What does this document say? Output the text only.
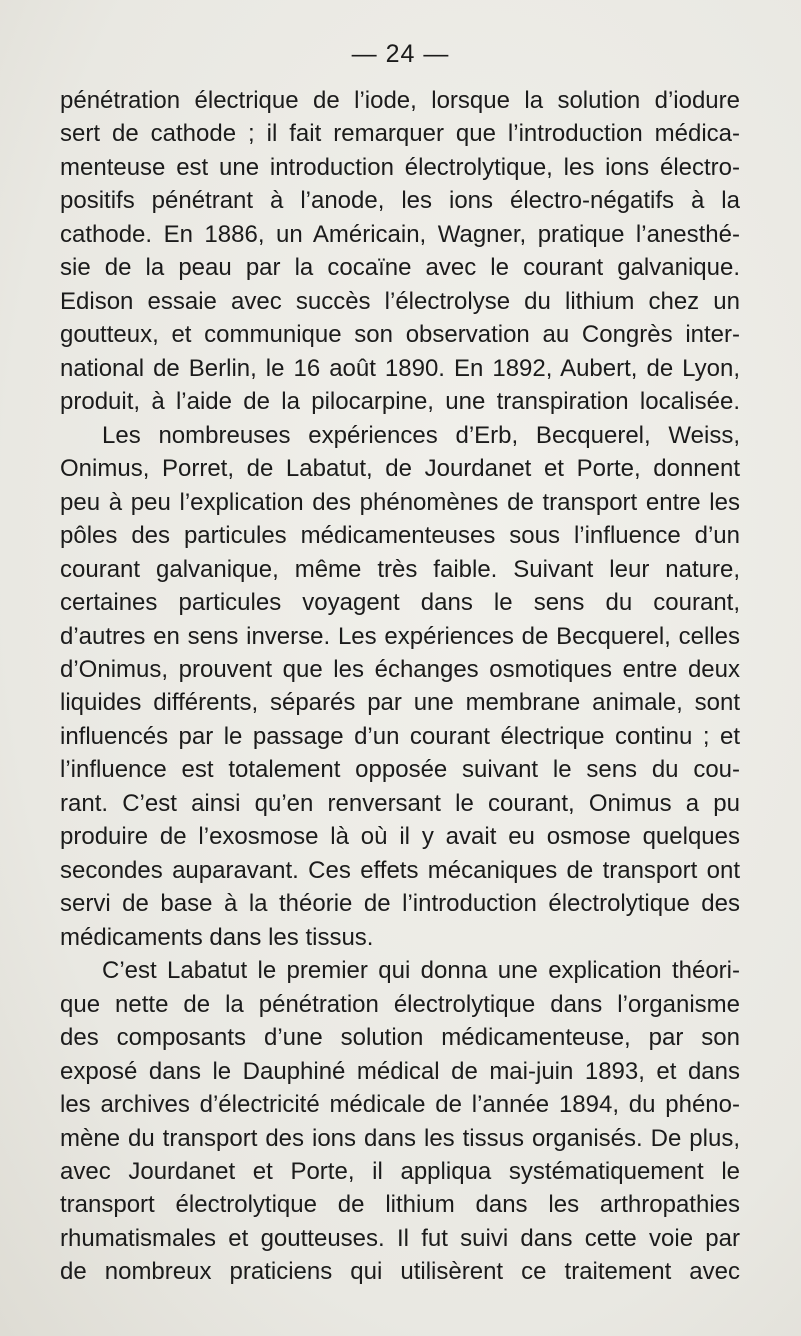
— 24 —
pénétration électrique de l’iode, lorsque la solution d’iodure
sert de cathode ; il fait remarquer que l’introduction médica-
menteuse est une introduction électrolytique, les ions électro-
positifs pénétrant à l’anode, les ions électro-négatifs à la
cathode. En 1886, un Américain, Wagner, pratique l’anesthé-
sie de la peau par la cocaïne avec le courant galvanique.
Edison essaie avec succès l’électrolyse du lithium chez un
goutteux, et communique son observation au Congrès inter-
national de Berlin, le 16 août 1890. En 1892, Aubert, de Lyon,
produit, à l’aide de la pilocarpine, une transpiration localisée.
Les nombreuses expériences d’Erb, Becquerel, Weiss,
Onimus, Porret, de Labatut, de Jourdanet et Porte, donnent
peu à peu l’explication des phénomènes de transport entre les
pôles des particules médicamenteuses sous l’influence d’un
courant galvanique, même très faible. Suivant leur nature,
certaines particules voyagent dans le sens du courant,
d’autres en sens inverse. Les expériences de Becquerel, celles
d’Onimus, prouvent que les échanges osmotiques entre deux
liquides différents, séparés par une membrane animale, sont
influencés par le passage d’un courant électrique continu ; et
l’influence est totalement opposée suivant le sens du cou-
rant. C’est ainsi qu’en renversant le courant, Onimus a pu
produire de l’exosmose là où il y avait eu osmose quelques
secondes auparavant. Ces effets mécaniques de transport ont
servi de base à la théorie de l’introduction électrolytique des
médicaments dans les tissus.
C’est Labatut le premier qui donna une explication théori-
que nette de la pénétration électrolytique dans l’organisme
des composants d’une solution médicamenteuse, par son
exposé dans le Dauphiné médical de mai-juin 1893, et dans
les archives d’électricité médicale de l’année 1894, du phéno-
mène du transport des ions dans les tissus organisés. De plus,
avec Jourdanet et Porte, il appliqua systématiquement le
transport électrolytique de lithium dans les arthropathies
rhumatismales et goutteuses. Il fut suivi dans cette voie par
de nombreux praticiens qui utilisèrent ce traitement avec
